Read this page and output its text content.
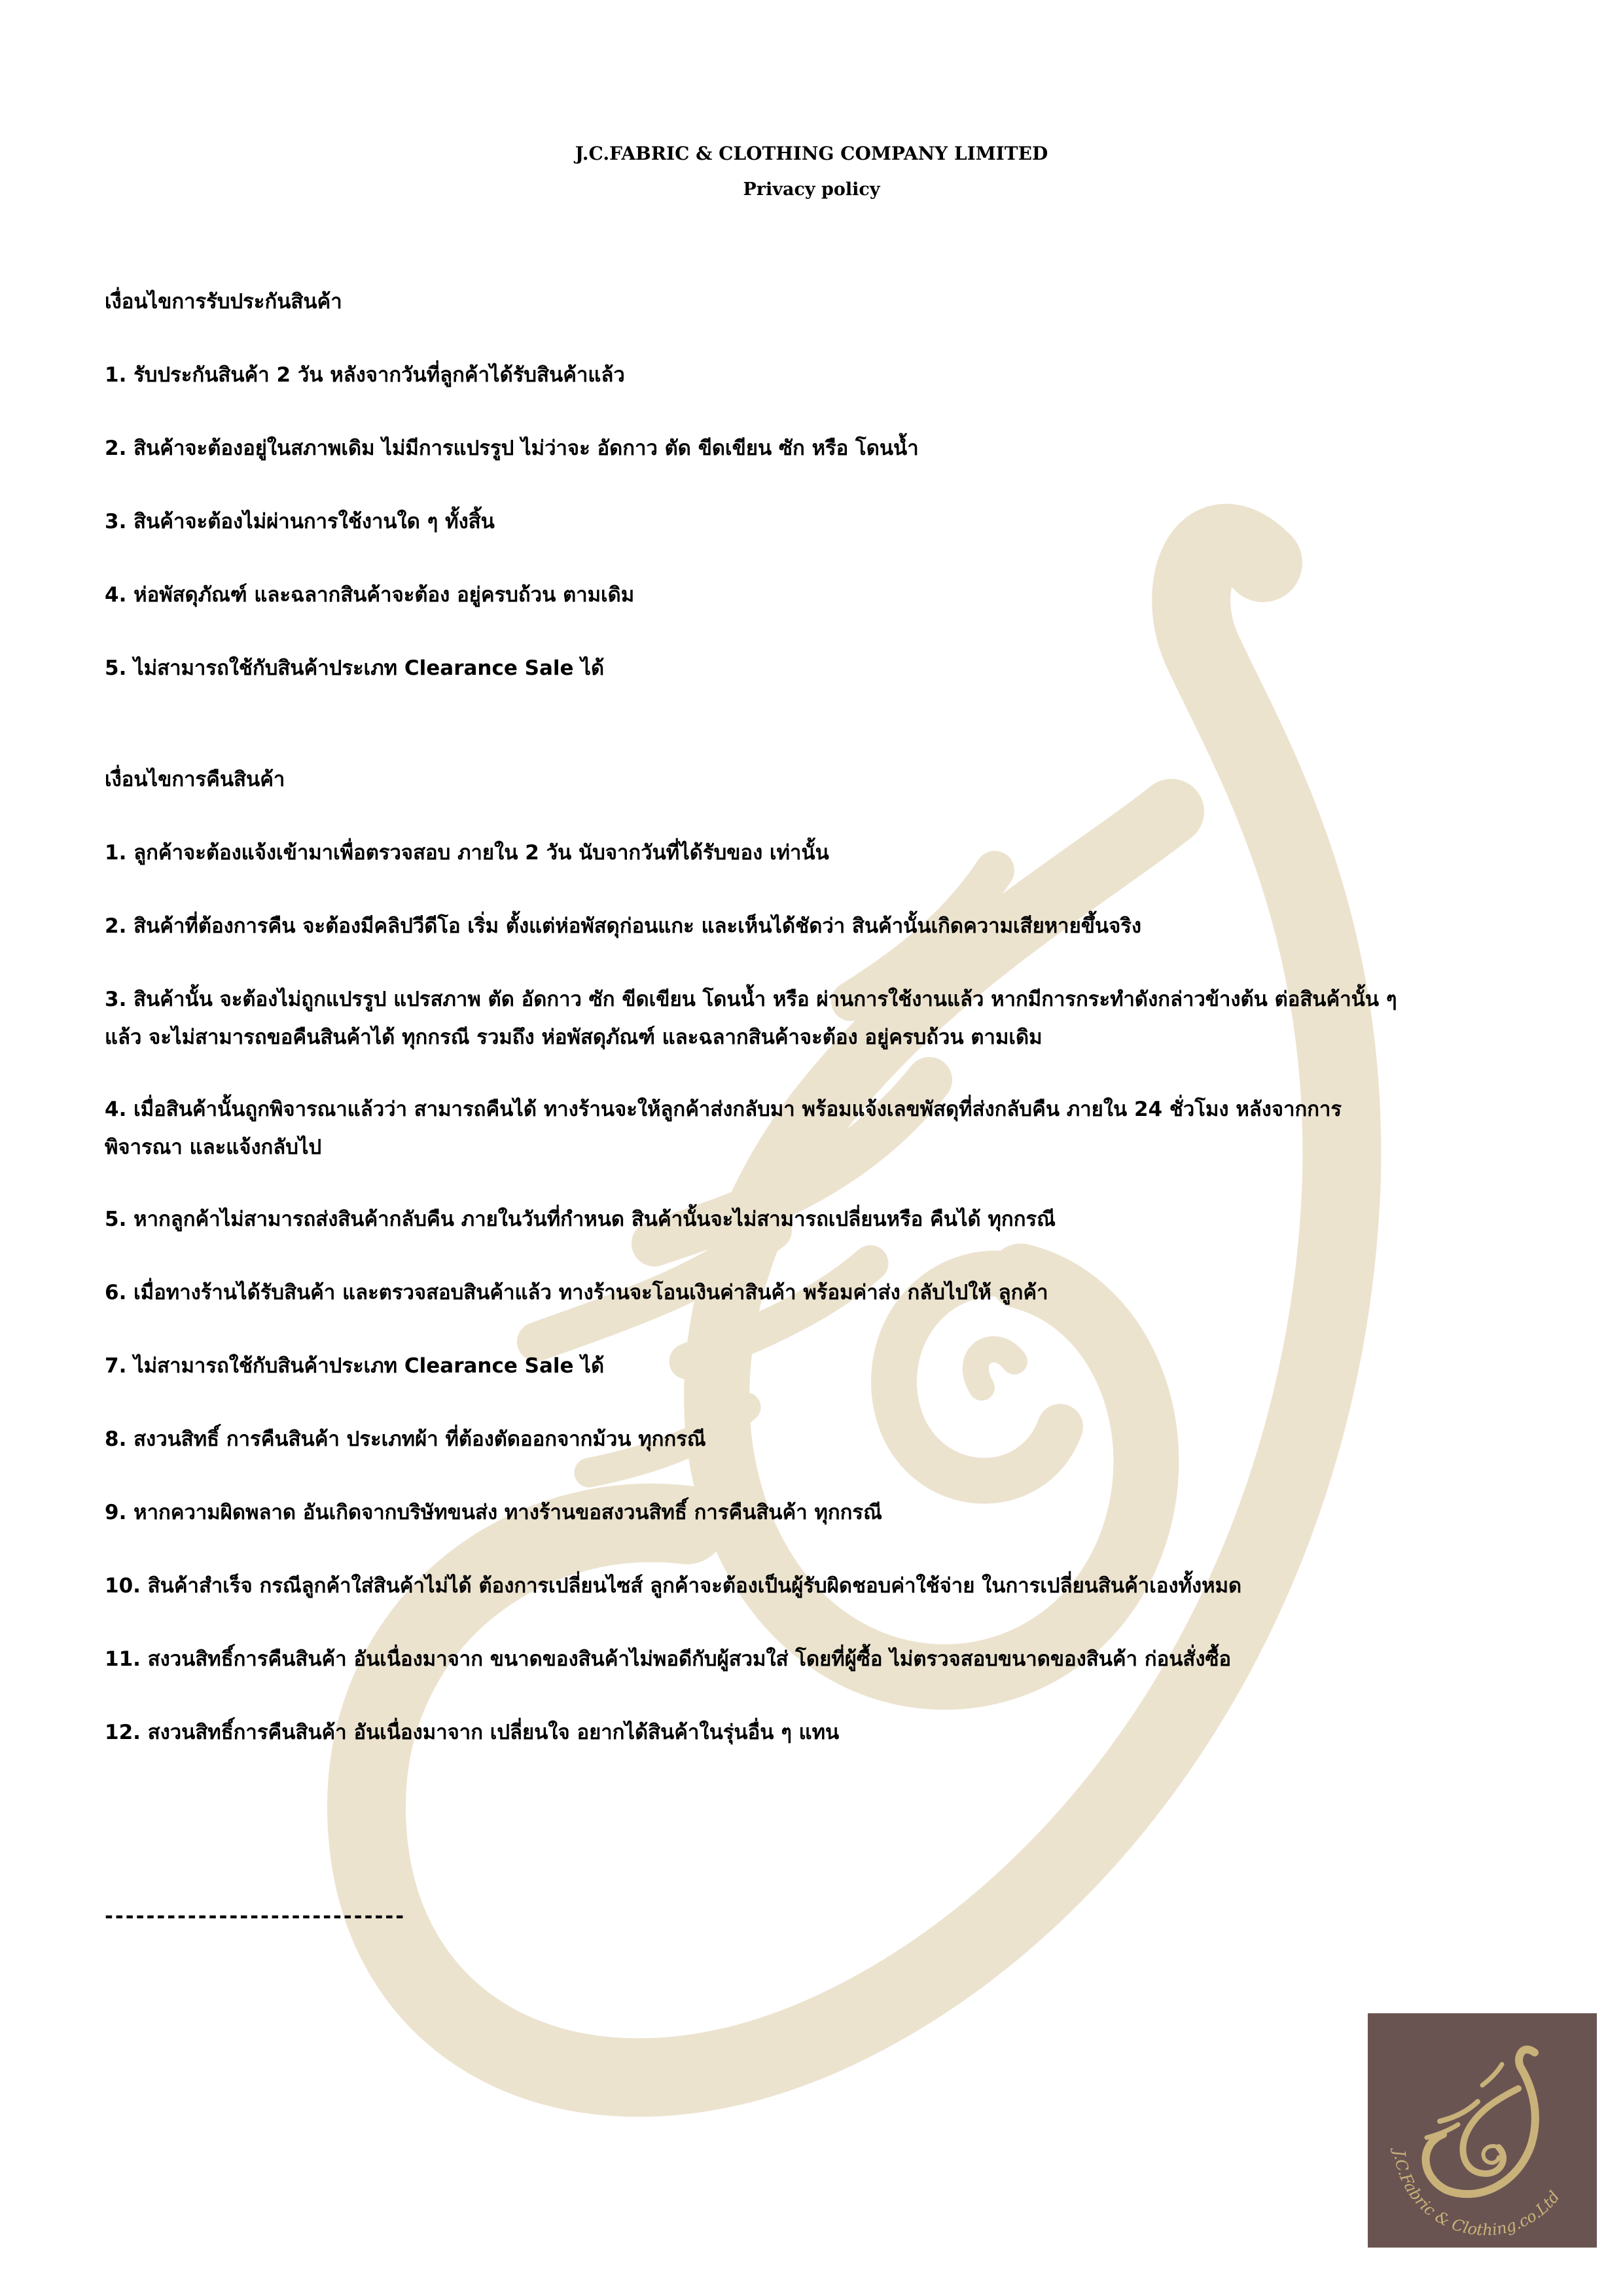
J.C.FABRIC & CLOTHING COMPANY LIMITED
Privacy policy

เงื่อนไขการรับประกันสินค้า

1. รับประกันสินค้า 2 วัน หลังจากวันที่ลูกค้าได้รับสินค้าแล้ว

2. สินค้าจะต้องอยู่ในสภาพเดิม ไม่มีการแปรรูป ไม่ว่าจะ อัดกาว ตัด ขีดเขียน ซัก หรือ โดนน้ำ

3. สินค้าจะต้องไม่ผ่านการใช้งานใด ๆ ทั้งสิ้น

4. ห่อพัสดุภัณฑ์ และฉลากสินค้าจะต้อง อยู่ครบถ้วน ตามเดิม

5. ไม่สามารถใช้กับสินค้าประเภท Clearance Sale ได้

เงื่อนไขการคืนสินค้า

1. ลูกค้าจะต้องแจ้งเข้ามาเพื่อตรวจสอบ ภายใน 2 วัน นับจากวันที่ได้รับของ เท่านั้น

2. สินค้าที่ต้องการคืน จะต้องมีคลิปวีดีโอ เริ่ม ตั้งแต่ห่อพัสดุก่อนแกะ และเห็นได้ชัดว่า สินค้านั้นเกิดความเสียหายขึ้นจริง

3. สินค้านั้น จะต้องไม่ถูกแปรรูป แปรสภาพ ตัด อัดกาว ซัก ขีดเขียน โดนน้ำ หรือ ผ่านการใช้งานแล้ว หากมีการกระทำดังกล่าวข้างต้น ต่อสินค้านั้น ๆ แล้ว จะไม่สามารถขอคืนสินค้าได้ ทุกกรณี รวมถึง ห่อพัสดุภัณฑ์ และฉลากสินค้าจะต้อง อยู่ครบถ้วน ตามเดิม

4. เมื่อสินค้านั้นถูกพิจารณาแล้วว่า สามารถคืนได้ ทางร้านจะให้ลูกค้าส่งกลับมา พร้อมแจ้งเลขพัสดุที่ส่งกลับคืน ภายใน 24 ชั่วโมง หลังจากการพิจารณา และแจ้งกลับไป

5. หากลูกค้าไม่สามารถส่งสินค้ากลับคืน ภายในวันที่กำหนด สินค้านั้นจะไม่สามารถเปลี่ยนหรือ คืนได้ ทุกกรณี

6. เมื่อทางร้านได้รับสินค้า และตรวจสอบสินค้าแล้ว ทางร้านจะโอนเงินค่าสินค้า พร้อมค่าส่ง กลับไปให้ ลูกค้า

7. ไม่สามารถใช้กับสินค้าประเภท Clearance Sale ได้

8. สงวนสิทธิ์ การคืนสินค้า ประเภทผ้า ที่ต้องตัดออกจากม้วน ทุกกรณี

9. หากความผิดพลาด อันเกิดจากบริษัทขนส่ง ทางร้านขอสงวนสิทธิ์ การคืนสินค้า ทุกกรณี

10. สินค้าสำเร็จ กรณีลูกค้าใส่สินค้าไม่ได้ ต้องการเปลี่ยนไซส์ ลูกค้าจะต้องเป็นผู้รับผิดชอบค่าใช้จ่าย ในการเปลี่ยนสินค้าเองทั้งหมด

11. สงวนสิทธิ์การคืนสินค้า อันเนื่องมาจาก ขนาดของสินค้าไม่พอดีกับผู้สวมใส่ โดยที่ผู้ซื้อ ไม่ตรวจสอบขนาดของสินค้า ก่อนสั่งซื้อ

12. สงวนสิทธิ์การคืนสินค้า อันเนื่องมาจาก เปลี่ยนใจ อยากได้สินค้าในรุ่นอื่น ๆ แทน

-----------------------------
J.C.Fabric & Clothing.co.Ltd
